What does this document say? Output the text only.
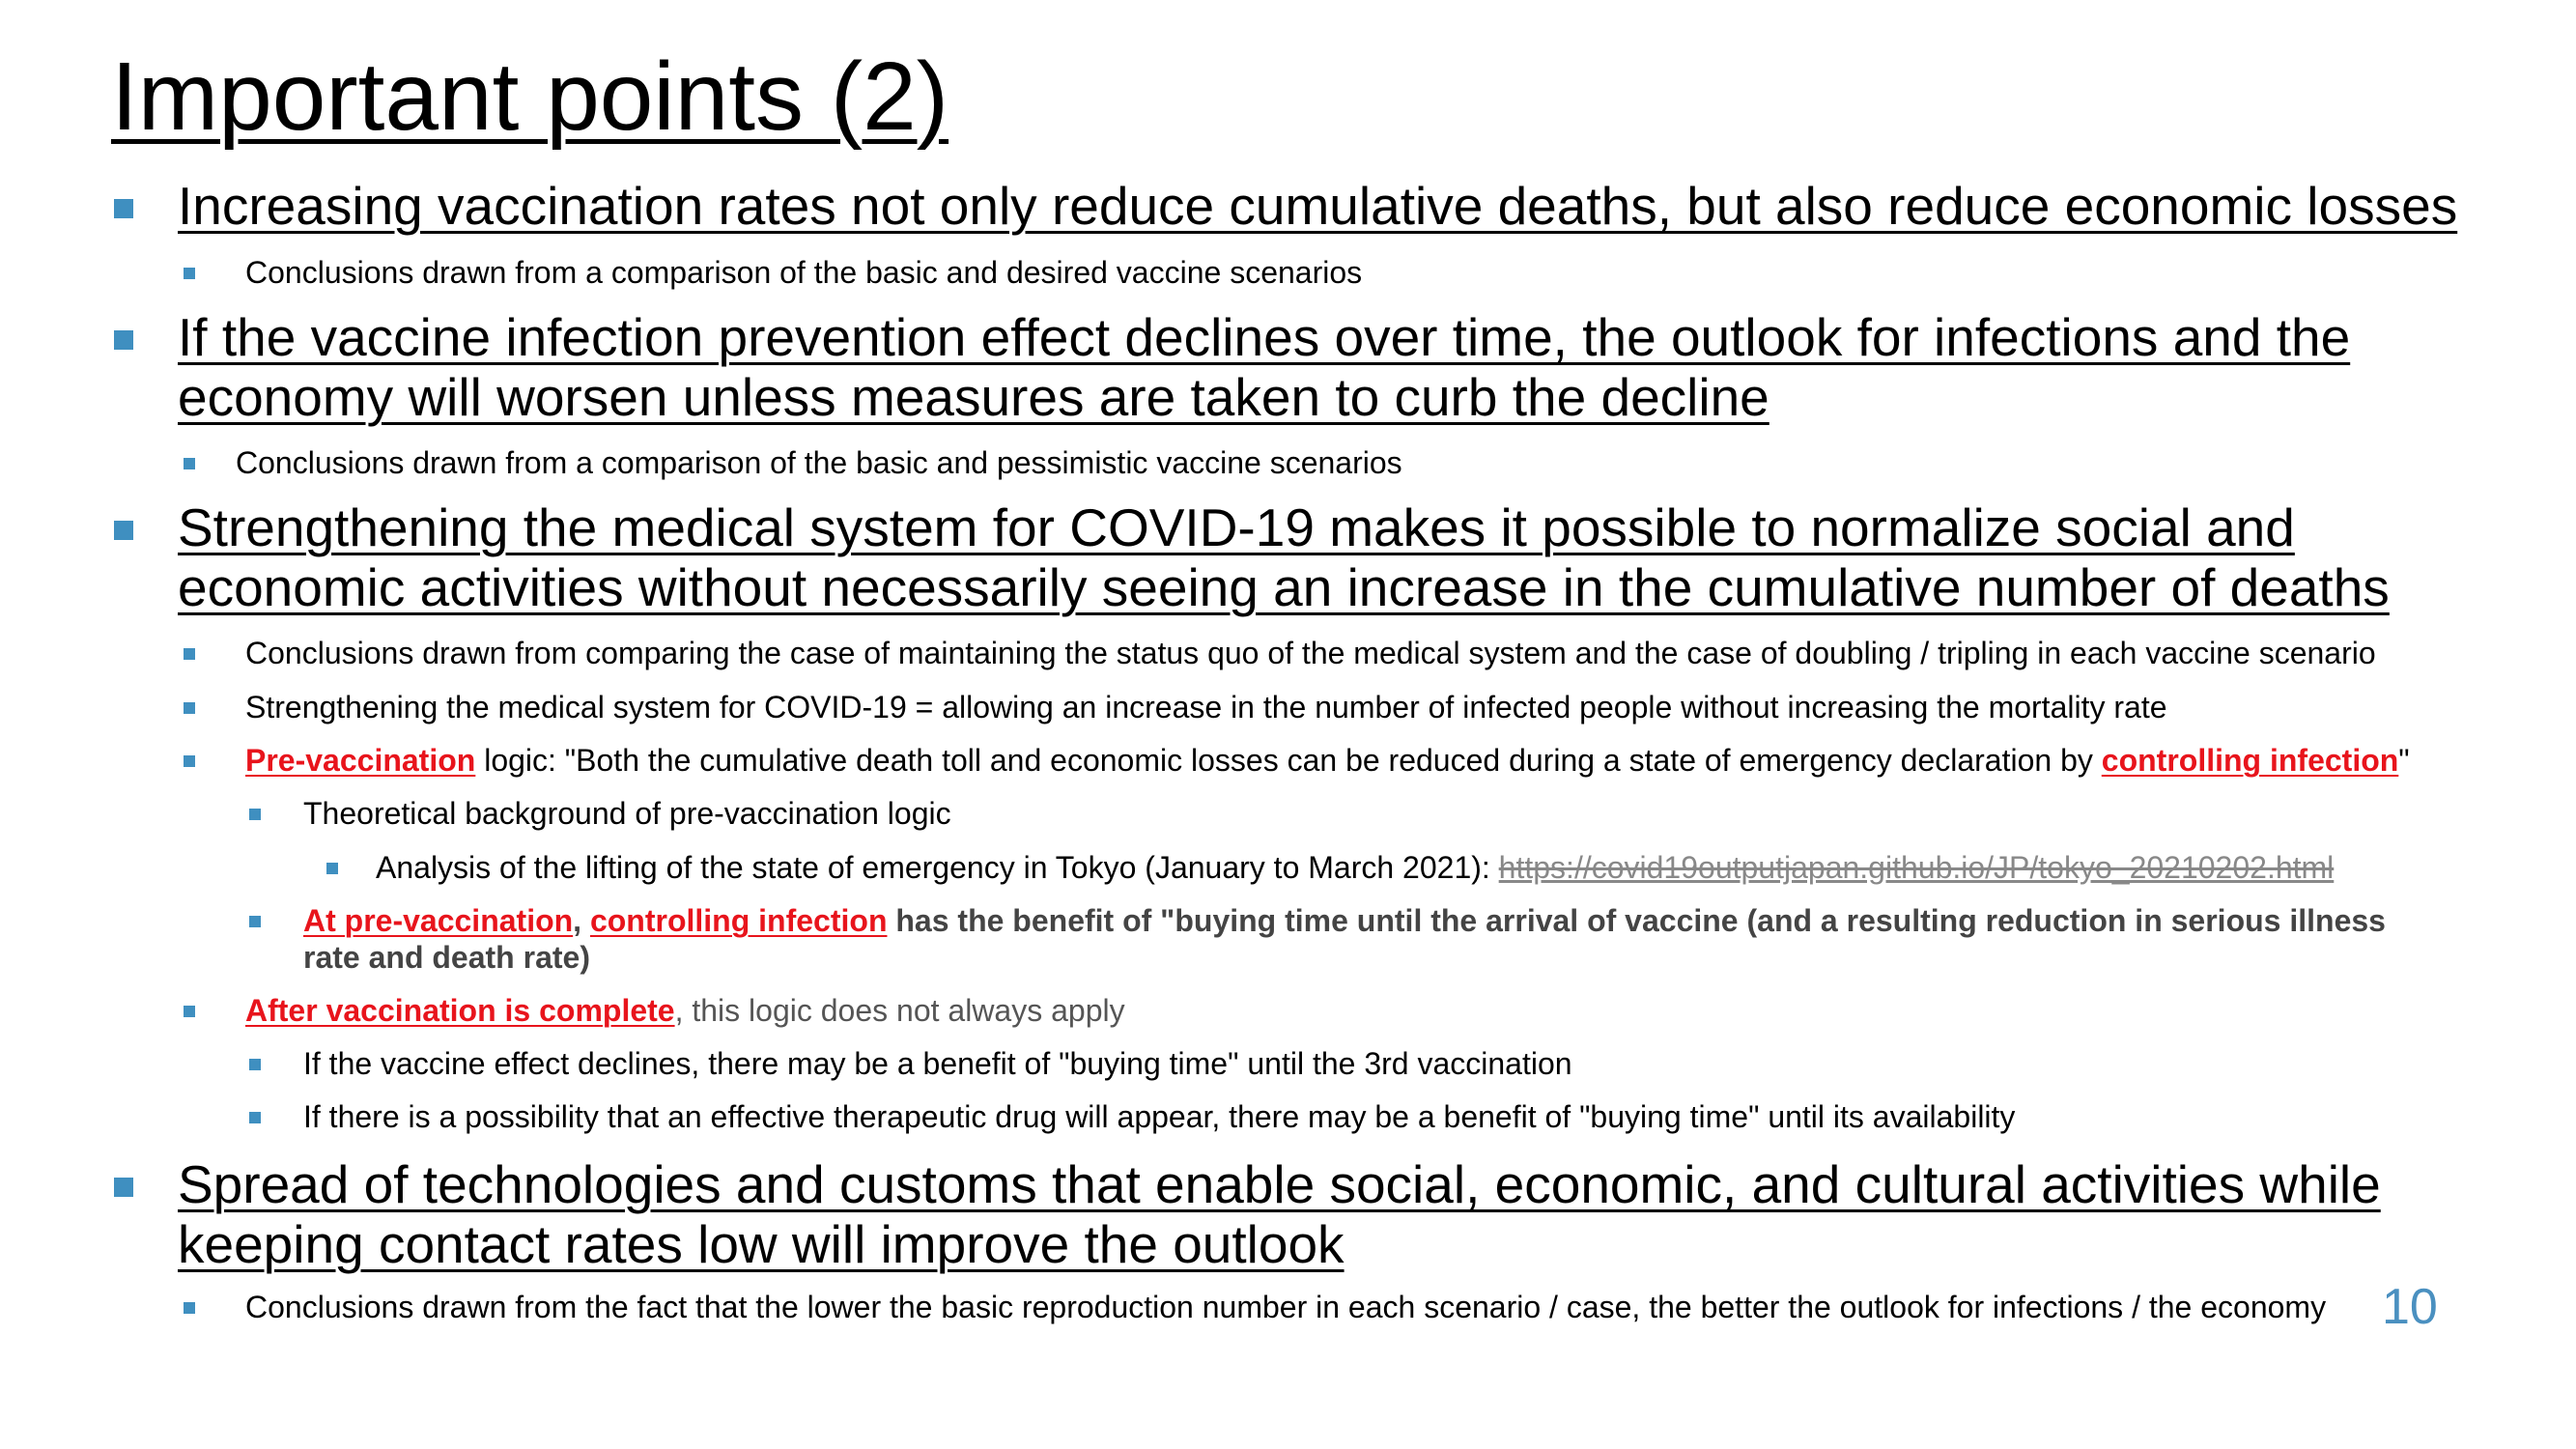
Important points (2)
Increasing vaccination rates not only reduce cumulative deaths, but also reduce economic losses
Conclusions drawn from a comparison of the basic and desired vaccine scenarios
If the vaccine infection prevention effect declines over time, the outlook for infections and the
economy will worsen unless measures are taken to curb the decline
Conclusions drawn from a comparison of the basic and pessimistic vaccine scenarios
Strengthening the medical system for COVID-19 makes it possible to normalize social and
economic activities without necessarily seeing an increase in the cumulative number of deaths
Conclusions drawn from comparing the case of maintaining the status quo of the medical system and the case of doubling / tripling in each vaccine scenario
Strengthening the medical system for COVID-19 = allowing an increase in the number of infected people without increasing the mortality rate
Pre-vaccination logic: "Both the cumulative death toll and economic losses can be reduced during a state of emergency declaration by controlling infection"
Theoretical background of pre-vaccination logic
Analysis of the lifting of the state of emergency in Tokyo (January to March 2021): https://covid19outputjapan.github.io/JP/tokyo_20210202.html
At pre-vaccination, controlling infection has the benefit of "buying time until the arrival of vaccine (and a resulting reduction in serious illness
rate and death rate)
After vaccination is complete, this logic does not always apply
If the vaccine effect declines, there may be a benefit of "buying time" until the 3rd vaccination
If there is a possibility that an effective therapeutic drug will appear, there may be a benefit of "buying time" until its availability
Spread of technologies and customs that enable social, economic, and cultural activities while
keeping contact rates low will improve the outlook
Conclusions drawn from the fact that the lower the basic reproduction number in each scenario / case, the better the outlook for infections / the economy 10
